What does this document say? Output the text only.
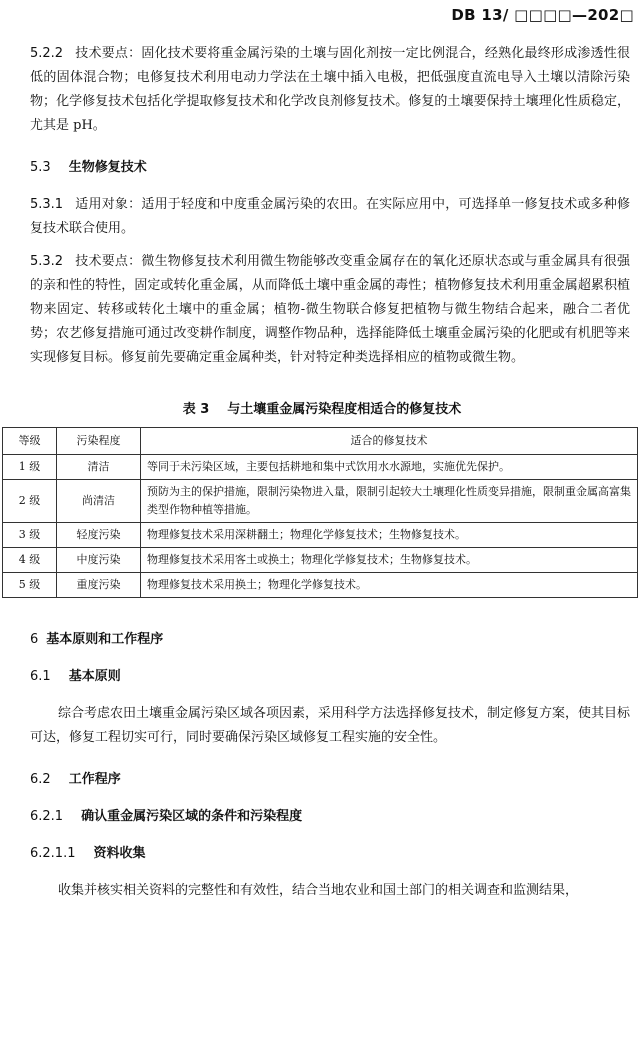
DB 13/ □□□□—202□

5.2.2 技术要点：固化技术要将重金属污染的土壤与固化剂按一定比例混合，经熟化最终形成渗透性很低的固体混合物；电修复技术利用电动力学法在土壤中插入电极，把低强度直流电导入土壤以清除污染物；化学修复技术包括化学提取修复技术和化学改良剂修复技术。修复的土壤要保持土壤理化性质稳定，尤其是 pH。

5.3 生物修复技术

5.3.1 适用对象：适用于轻度和中度重金属污染的农田。在实际应用中，可选择单一修复技术或多种修复技术联合使用。

5.3.2 技术要点：微生物修复技术利用微生物能够改变重金属存在的氧化还原状态或与重金属具有很强的亲和性的特性，固定或转化重金属，从而降低土壤中重金属的毒性；植物修复技术利用重金属超累积植物来固定、转移或转化土壤中的重金属；植物-微生物联合修复把植物与微生物结合起来，融合二者优势；农艺修复措施可通过改变耕作制度，调整作物品种，选择能降低土壤重金属污染的化肥或有机肥等来实现修复目标。修复前先要确定重金属种类，针对特定种类选择相应的植物或微生物。

表 3 与土壤重金属污染程度相适合的修复技术
等级	污染程度	适合的修复技术
1 级	清洁	等同于未污染区域，主要包括耕地和集中式饮用水水源地，实施优先保护。
2 级	尚清洁	预防为主的保护措施，限制污染物进入量，限制引起较大土壤理化性质变异措施，限制重金属高富集类型作物种植等措施。
3 级	轻度污染	物理修复技术采用深耕翻土；物理化学修复技术；生物修复技术。
4 级	中度污染	物理修复技术采用客土或换土；物理化学修复技术；生物修复技术。
5 级	重度污染	物理修复技术采用换土；物理化学修复技术。
6 基本原则和工作程序
6.1 基本原则

综合考虑农田土壤重金属污染区域各项因素，采用科学方法选择修复技术，制定修复方案，使其目标可达，修复工程切实可行，同时要确保污染区域修复工程实施的安全性。

6.2 工作程序
6.2.1 确认重金属污染区域的条件和污染程度
6.2.1.1 资料收集

收集并核实相关资料的完整性和有效性，结合当地农业和国土部门的相关调查和监测结果，
